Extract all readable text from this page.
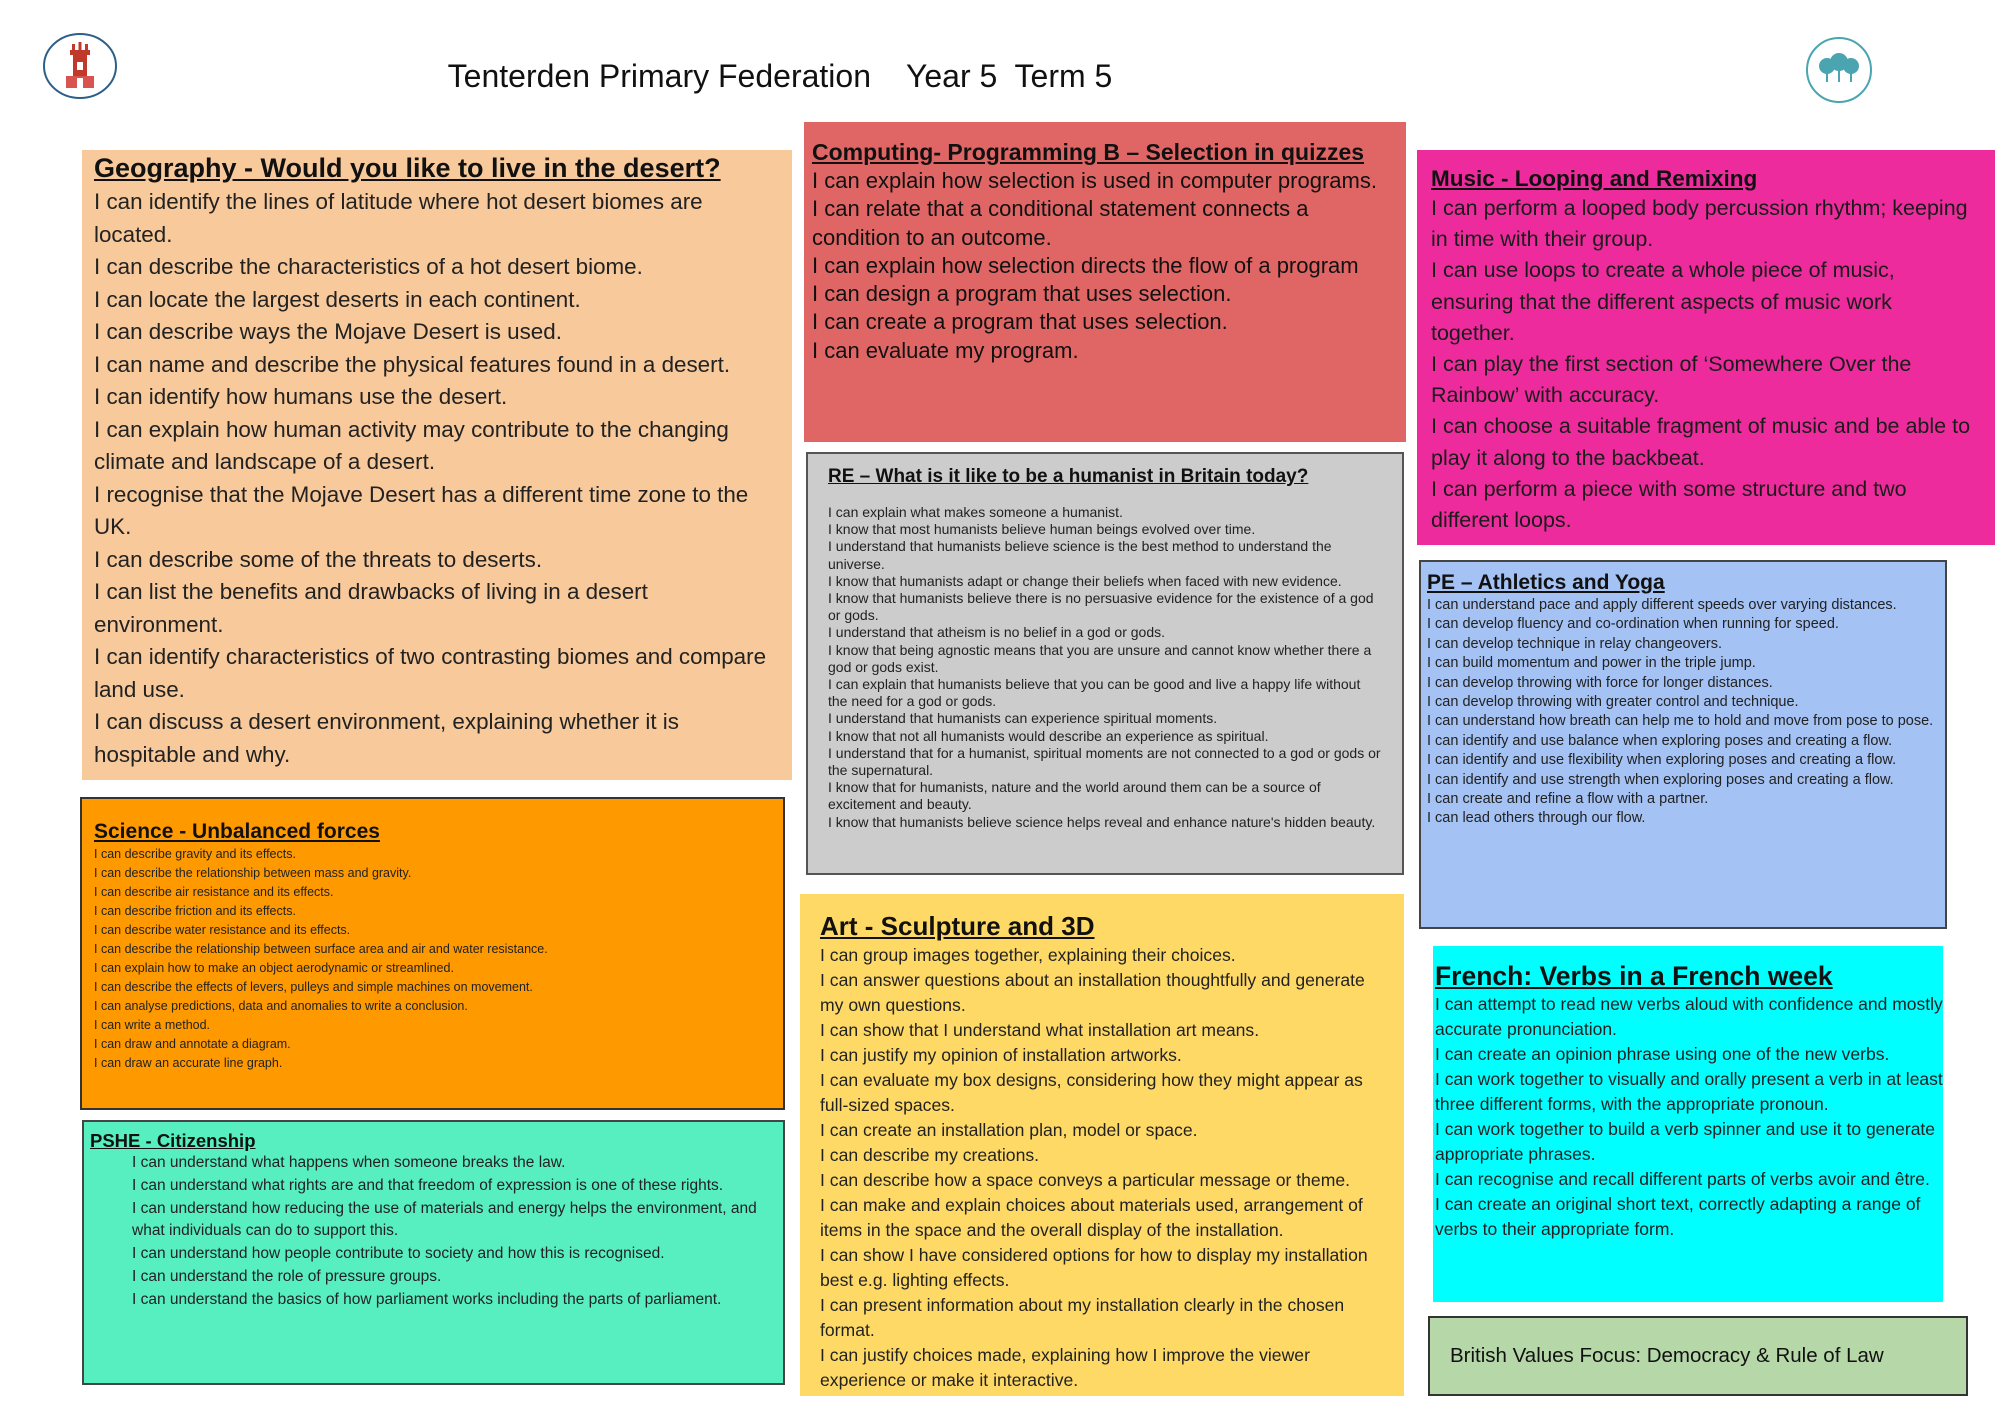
Tenterden Primary Federation    Year 5  Term 5
Geography - Would you like to live in the desert?
I can identify the lines of latitude where hot desert biomes are located.
I can describe the characteristics of a hot desert biome.
I can locate the largest deserts in each continent.
I can describe ways the Mojave Desert is used.
I can name and describe the physical features found in a desert.
I can identify how humans use the desert.
I can explain how human activity may contribute to the changing climate and landscape of a desert.
I recognise that the Mojave Desert has a different time zone to the UK.
I can describe some of the threats to deserts.
I can list the benefits and drawbacks of living in a desert environment.
I can identify characteristics of two contrasting biomes and compare land use.
I can discuss a desert environment, explaining whether it is hospitable and why.
Computing- Programming B – Selection in quizzes
I can explain how selection is used in computer programs.
I can relate that a conditional statement connects a condition to an outcome.
I can explain how selection directs the flow of a program
I can design a program that uses selection.
I can create a program that uses selection.
I can evaluate my program.
Music - Looping and Remixing
I can perform a looped body percussion rhythm; keeping in time with their group.
I can use loops to create a whole piece of music, ensuring that the different aspects of music work together.
I can play the first section of ‘Somewhere Over the Rainbow’ with accuracy.
I can choose a suitable fragment of music and be able to play it along to the backbeat.
I can perform a piece with some structure and two different loops.
RE – What is it like to be a humanist in Britain today?
I can explain what makes someone a humanist.
I know that most humanists believe human beings evolved over time.
I understand that humanists believe science is the best method to understand the universe.
I know that humanists adapt or change their beliefs when faced with new evidence.
I know that humanists believe there is no persuasive evidence for the existence of a god or gods.
I understand that atheism is no belief in a god or gods.
I know that being agnostic means that you are unsure and cannot know whether there a god or gods exist.
I can explain that humanists believe that you can be good and live a happy life without the need for a god or gods.
I understand that humanists can experience spiritual moments.
I know that not all humanists would describe an experience as spiritual.
I understand that for a humanist, spiritual moments are not connected to a god or gods or the supernatural.
I know that for humanists, nature and the world around them can be a source of excitement and beauty.
I know that humanists believe science helps reveal and enhance nature's hidden beauty.
PE – Athletics and Yoga
I can understand pace and apply different speeds over varying distances.
I can develop fluency and co-ordination when running for speed.
I can develop technique in relay changeovers.
I can build momentum and power in the triple jump.
I can develop throwing with force for longer distances.
I can develop throwing with greater control and technique.
I can understand how breath can help me to hold and move from pose to pose.
I can identify and use balance when exploring poses and creating a flow.
I can identify and use flexibility when exploring poses and creating a flow.
I can identify and use strength when exploring poses and creating a flow.
I can create and refine a flow with a partner.
I can lead others through our flow.
Science - Unbalanced forces
I can describe gravity and its effects.
I can describe the relationship between mass and gravity.
I can describe air resistance and its effects.
I can describe friction and its effects.
I can describe water resistance and its effects.
I can describe the relationship between surface area and air and water resistance.
I can explain how to make an object aerodynamic or streamlined.
I can describe the effects of levers, pulleys and simple machines on movement.
I can analyse predictions, data and anomalies to write a conclusion.
I can write a method.
I can draw and annotate a diagram.
I can draw an accurate line graph.
Art - Sculpture and 3D
I can group images together, explaining their choices.
I can answer questions about an installation thoughtfully and generate my own questions.
I can show that I understand what installation art means.
I can justify my opinion of installation artworks.
I can evaluate my box designs, considering how they might appear as full-sized spaces.
I can create an installation plan, model or space.
I can describe my creations.
I can describe how a space conveys a particular message or theme.
I can make and explain choices about materials used, arrangement of items in the space and the overall display of the installation.
I can show I have considered options for how to display my installation best e.g. lighting effects.
I can present information about my installation clearly in the chosen format.
I can justify choices made, explaining how I improve the viewer experience or make it interactive.
French: Verbs in a French week
I can attempt to read new verbs aloud with confidence and mostly accurate pronunciation.
I can create an opinion phrase using one of the new verbs.
I can work together to visually and orally present a verb in at least three different forms, with the appropriate pronoun.
I can work together to build a verb spinner and use it to generate appropriate phrases.
I can recognise and recall different parts of verbs avoir and être.
I can create an original short text, correctly adapting a range of verbs to their appropriate form.
PSHE - Citizenship
I can understand what happens when someone breaks the law.
I can understand what rights are and that freedom of expression is one of these rights.
I can understand how reducing the use of materials and energy helps the environment, and what individuals can do to support this.
I can understand how people contribute to society and how this is recognised.
I can understand the role of pressure groups.
I can understand the basics of how parliament works including the parts of parliament.
British Values Focus: Democracy & Rule of Law
